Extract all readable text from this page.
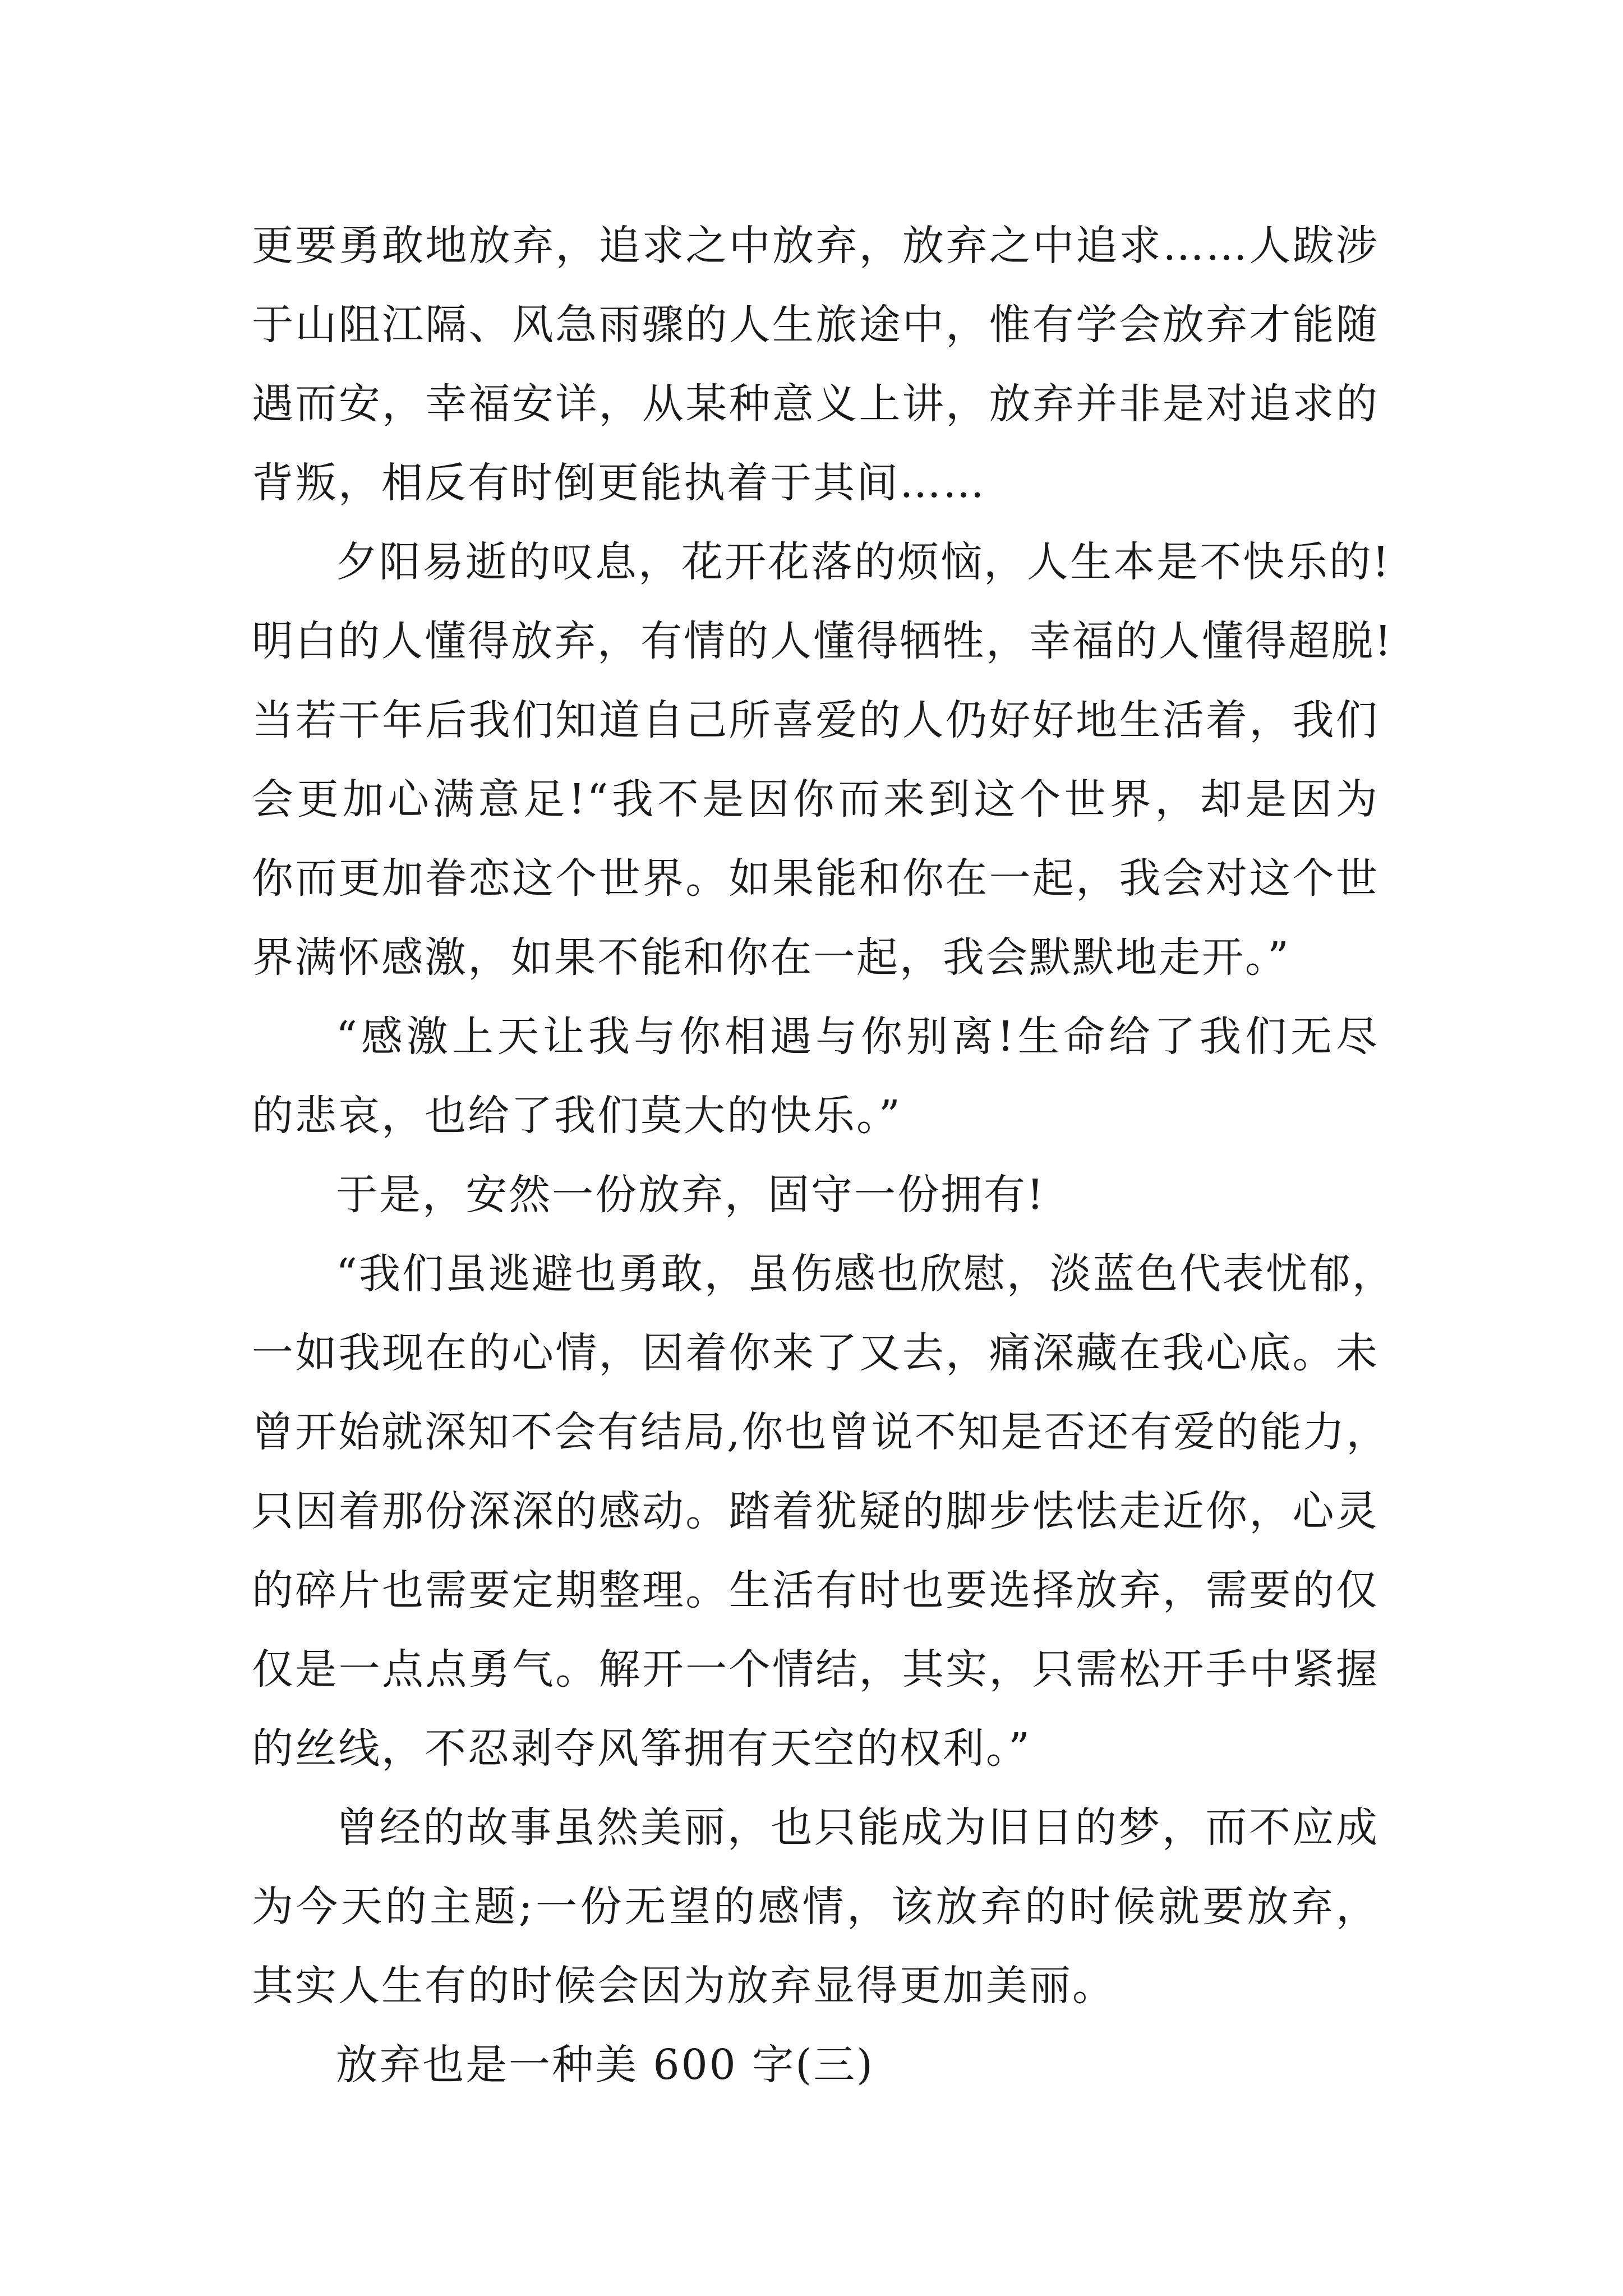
更要勇敢地放弃，追求之中放弃，放弃之中追求……人跋涉
于山阻江隔、风急雨骤的人生旅途中，惟有学会放弃才能随
遇而安，幸福安详，从某种意义上讲，放弃并非是对追求的
背叛，相反有时倒更能执着于其间……
夕阳易逝的叹息，花开花落的烦恼，人生本是不快乐的!
明白的人懂得放弃，有情的人懂得牺牲，幸福的人懂得超脱!
当若干年后我们知道自己所喜爱的人仍好好地生活着，我们
会更加心满意足!“我不是因你而来到这个世界，却是因为
你而更加眷恋这个世界。如果能和你在一起，我会对这个世
界满怀感激，如果不能和你在一起，我会默默地走开。”
“感激上天让我与你相遇与你别离!生命给了我们无尽
的悲哀，也给了我们莫大的快乐。”
于是，安然一份放弃，固守一份拥有!
“我们虽逃避也勇敢，虽伤感也欣慰，淡蓝色代表忧郁，
一如我现在的心情，因着你来了又去，痛深藏在我心底。未
曾开始就深知不会有结局,你也曾说不知是否还有爱的能力，
只因着那份深深的感动。踏着犹疑的脚步怯怯走近你，心灵
的碎片也需要定期整理。生活有时也要选择放弃，需要的仅
仅是一点点勇气。解开一个情结，其实，只需松开手中紧握
的丝线，不忍剥夺风筝拥有天空的权利。”
曾经的故事虽然美丽，也只能成为旧日的梦，而不应成
为今天的主题;一份无望的感情，该放弃的时候就要放弃，
其实人生有的时候会因为放弃显得更加美丽。
放弃也是一种美 600 字(三)
